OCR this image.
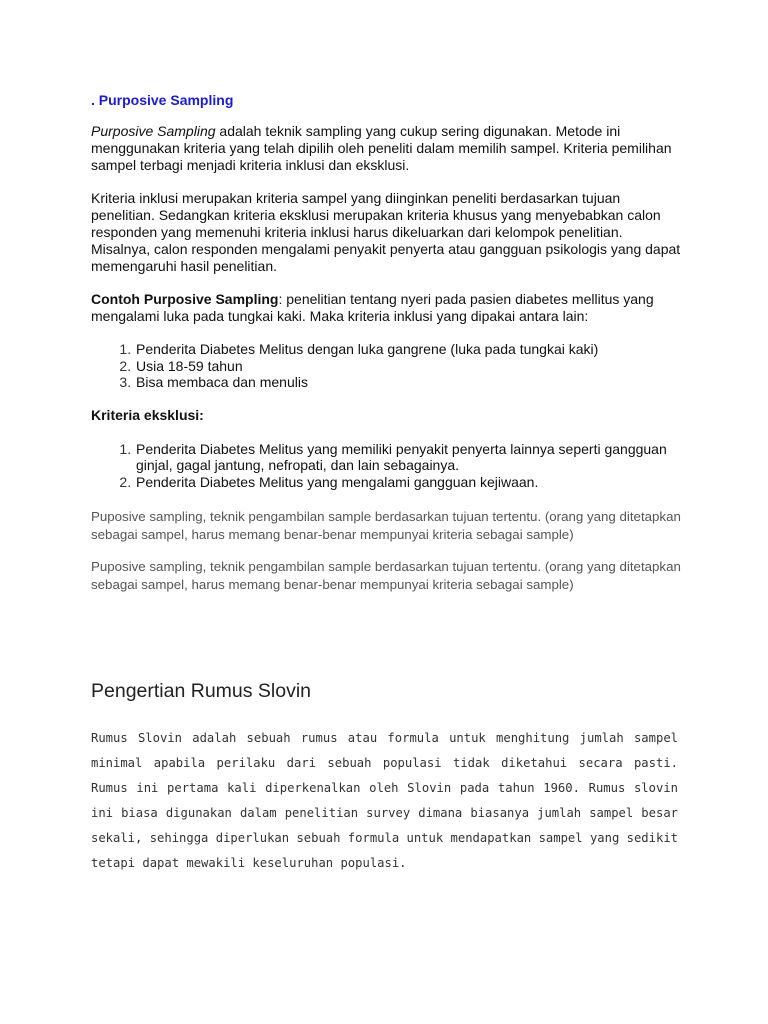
. Purposive Sampling

Purposive Sampling adalah teknik sampling yang cukup sering digunakan. Metode ini menggunakan kriteria yang telah dipilih oleh peneliti dalam memilih sampel. Kriteria pemilihan sampel terbagi menjadi kriteria inklusi dan eksklusi.

Kriteria inklusi merupakan kriteria sampel yang diinginkan peneliti berdasarkan tujuan penelitian. Sedangkan kriteria eksklusi merupakan kriteria khusus yang menyebabkan calon responden yang memenuhi kriteria inklusi harus dikeluarkan dari kelompok penelitian. Misalnya, calon responden mengalami penyakit penyerta atau gangguan psikologis yang dapat memengaruhi hasil penelitian.

Contoh Purposive Sampling: penelitian tentang nyeri pada pasien diabetes mellitus yang mengalami luka pada tungkai kaki. Maka kriteria inklusi yang dipakai antara lain:

1. Penderita Diabetes Melitus dengan luka gangrene (luka pada tungkai kaki)
2. Usia 18-59 tahun
3. Bisa membaca dan menulis

Kriteria eksklusi:

1. Penderita Diabetes Melitus yang memiliki penyakit penyerta lainnya seperti gangguan ginjal, gagal jantung, nefropati, dan lain sebagainya.
2. Penderita Diabetes Melitus yang mengalami gangguan kejiwaan.

Puposive sampling, teknik pengambilan sample berdasarkan tujuan tertentu. (orang yang ditetapkan sebagai sampel, harus memang benar-benar mempunyai kriteria sebagai sample)

Puposive sampling, teknik pengambilan sample berdasarkan tujuan tertentu. (orang yang ditetapkan sebagai sampel, harus memang benar-benar mempunyai kriteria sebagai sample)

Pengertian Rumus Slovin

Rumus Slovin adalah sebuah rumus atau formula untuk menghitung jumlah sampel minimal apabila perilaku dari sebuah populasi tidak diketahui secara pasti. Rumus ini pertama kali diperkenalkan oleh Slovin pada tahun 1960. Rumus slovin ini biasa digunakan dalam penelitian survey dimana biasanya jumlah sampel besar sekali, sehingga diperlukan sebuah formula untuk mendapatkan sampel yang sedikit tetapi dapat mewakili keseluruhan populasi.
